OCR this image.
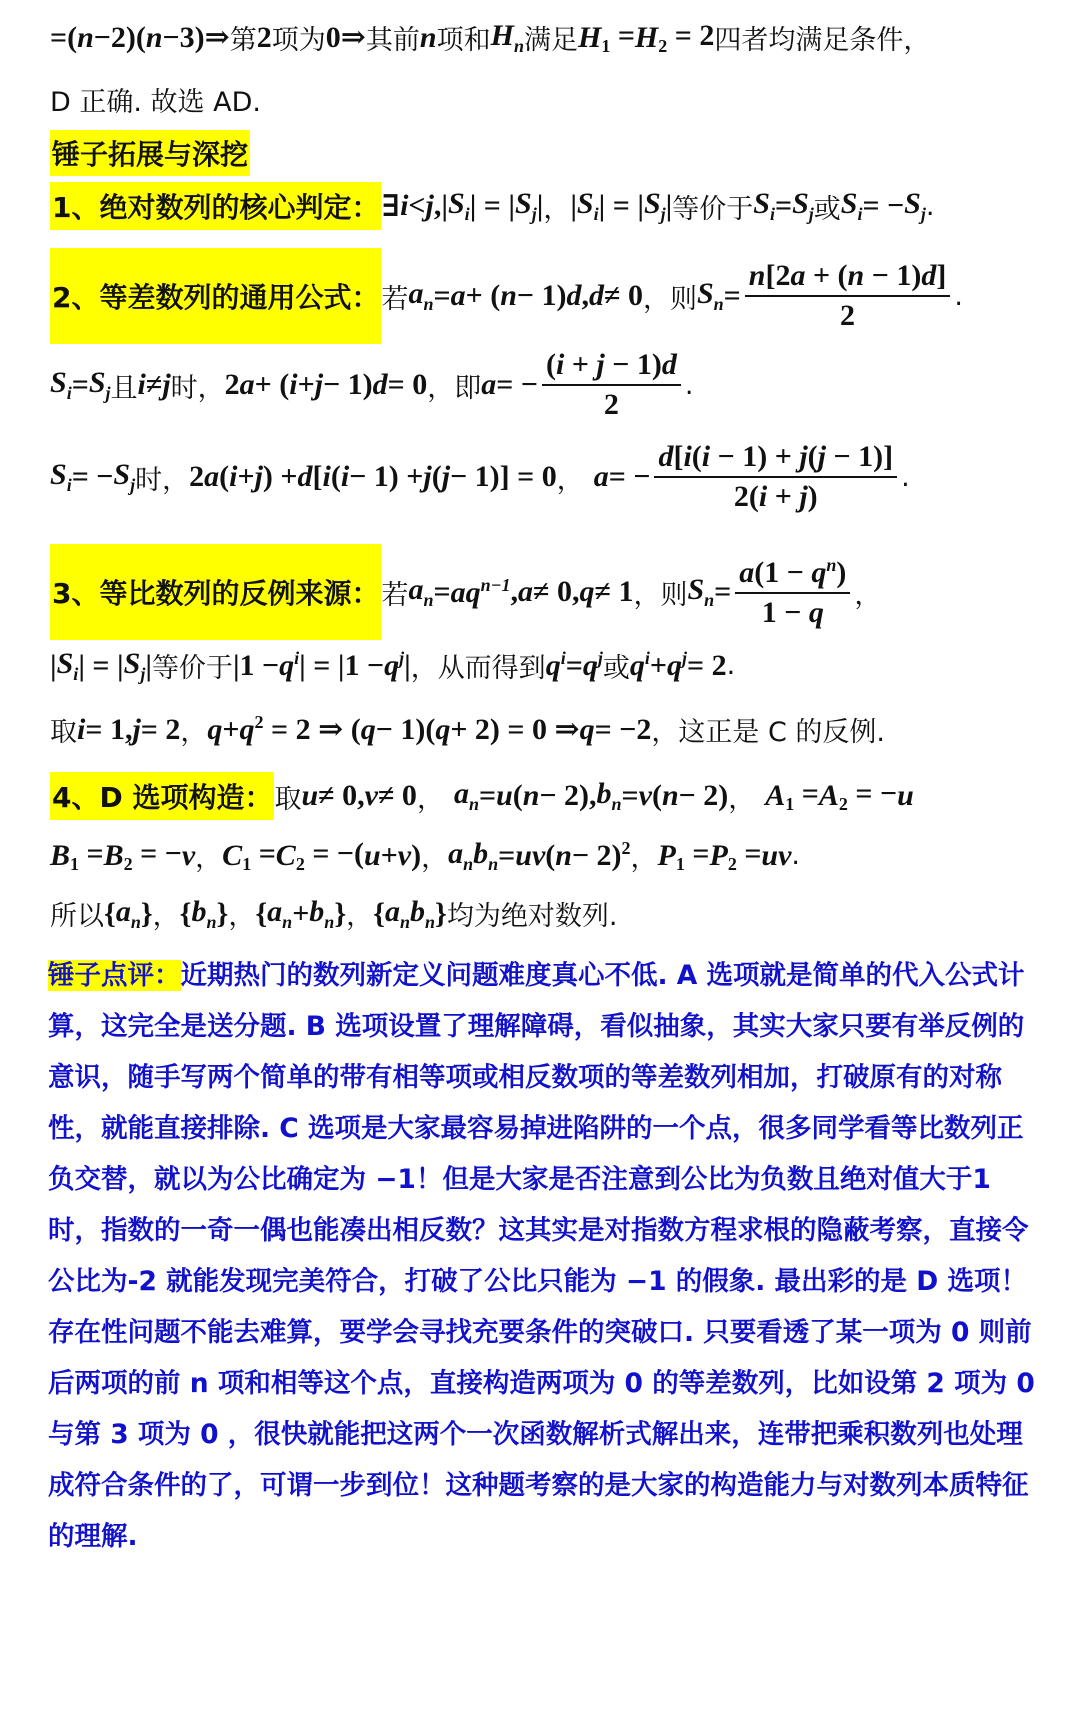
=( n −2)( n −3)⇒ 第 2 项为 0 ⇒ 其前 n 项和 $H_n$ 满足 H $_1$ = H $_2$ = 2 四者均满足条件，
D 正确. 故选 AD.
锤子拓展与深挖
1、绝对数列的核心判定： ∃ i < j ,| $S_i$ | = | $S_j$ | ， | $S_i$ | = | $S_j$ | 等价于 $S_i = S_j$ 或 $S_i$ = − $S_j$ .
2、等差数列的通用公式： 若 $a_n = a$ + ( n − 1) d , d ≠ 0 ， 则 $S_n = \frac{n[2a + (n - 1)d]}{2}$ .
$S_i = S_j$ 且 i ≠ j 时， 2 a + ( i + j − 1) d = 0 ， 即 a = − $\frac{(i + j - 1)d}{2}$ .
$S_i$ = − $S_j$ 时， 2 a ( i + j ) + d [ i ( i − 1) + j ( j − 1)] = 0 ， a = − $\frac{d[i(i - 1) + j(j - 1)]}{2(i + j)}$ .
3、等比数列的反例来源： 若 $a_n = aq^{n-1}$ , a ≠ 0, q ≠ 1 ， 则 $S_n = \frac{a(1 - q^n)}{1 - q}$ ，
| $S_i$ | = | $S_j$ | 等价于 $|1 - q^i$ | = $|1 - q^j$ | ， 从而得到 $q^i = q^j$ 或 $q^i + q^j = 2$ .
取 i = 1, j = 2 ， q + q $^2$ = 2 ⇒ ( q − 1)( q + 2) = 0 ⇒ q = −2 ， 这正是 C 的反例.
4、D 选项构造： 取 u ≠ 0, v ≠ 0 ， $a_n = u$ ( n − 2), $b_n = v$ ( n − 2) ， A $_1$ = A $_2$ = − u
B $_1$ = B $_2$ = − v ， C $_1$ = C $_2$ = −( u + v ) ， $a_nb_n$ = uv ( n − 2)$^2$ ， P $_1$ = P $_2$ = uv .
所以 { $a_n$ } ， { $b_n$ } ， { $a_n + b_n$ } ， { $a_nb_n$ } 均为绝对数列.
锤子点评：近期热门的数列新定义问题难度真心不低. A 选项就是简单的代入公式计算，这完全是送分题. B 选项设置了理解障碍，看似抽象，其实大家只要有举反例的意识，随手写两个简单的带有相等项或相反数项的等差数列相加，打破原有的对称性，就能直接排除. C 选项是大家最容易掉进陷阱的一个点，很多同学看等比数列正负交替，就以为公比确定为 −1！但是大家是否注意到公比为负数且绝对值大于1时，指数的一奇一偶也能凑出相反数？这其实是对指数方程求根的隐蔽考察，直接令公比为-2 就能发现完美符合，打破了公比只能为 −1 的假象. 最出彩的是 D 选项！存在性问题不能去难算，要学会寻找充要条件的突破口. 只要看透了某一项为 0 则前后两项的前 n 项和相等这个点，直接构造两项为 0 的等差数列，比如设第 2 项为 0 与第 3 项为 0 ，很快就能把这两个一次函数解析式解出来，连带把乘积数列也处理成符合条件的了，可谓一步到位！这种题考察的是大家的构造能力与对数列本质特征的理解.
